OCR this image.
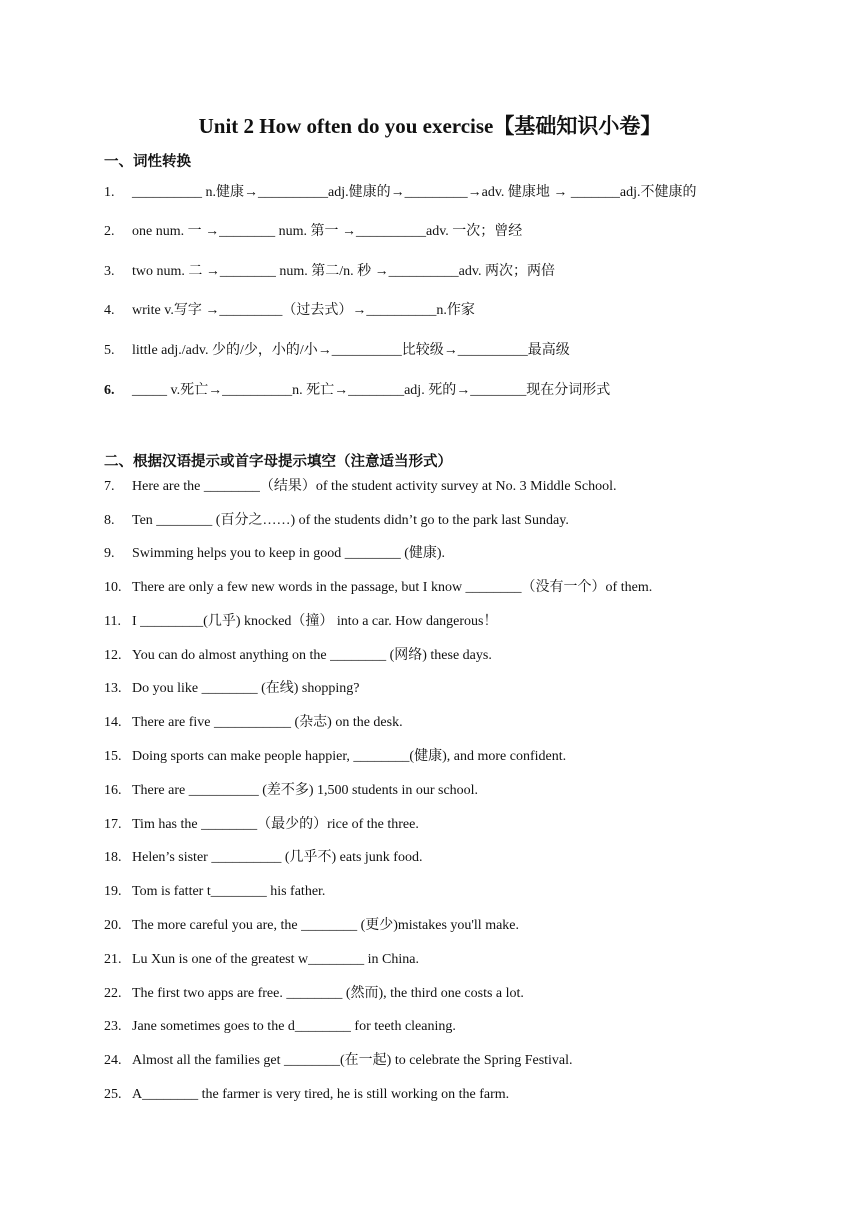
Unit 2 How often do you exercise【基础知识小卷】
一、词性转换
1. __________ n.健康→__________adj.健康的→_________→adv. 健康地 → _______adj.不健康的
2. one num. 一 →________ num. 第一 →__________adv. 一次；曾经
3. two num. 二 →________ num. 第二/n. 秒 →__________adv. 两次；两倍
4. write v.写字 →_________（过去式）→__________n.作家
5. little adj./adv. 少的/少，小的/小→__________比较级→__________最高级
6. _____ v.死亡→__________n. 死亡→________adj. 死的→________现在分词形式
二、根据汉语提示或首字母提示填空（注意适当形式）
7. Here are the ________（结果）of the student activity survey at No. 3 Middle School.
8. Ten ________ (百分之……) of the students didn’t go to the park last Sunday.
9. Swimming helps you to keep in good ________ (健康).
10. There are only a few new words in the passage, but I know ________（没有一个）of them.
11. I _________(几乎) knocked（撞） into a car. How dangerous！
12. You can do almost anything on the ________ (网络) these days.
13. Do you like ________ (在线) shopping?
14. There are five ___________ (杂志) on the desk.
15. Doing sports can make people happier, ________(健康), and more confident.
16. There are __________ (差不多) 1,500 students in our school.
17. Tim has the ________（最少的）rice of the three.
18. Helen’s sister __________ (几乎不) eats junk food.
19. Tom is fatter t________ his father.
20. The more careful you are, the ________ (更少)mistakes you'll make.
21. Lu Xun is one of the greatest w________ in China.
22. The first two apps are free. ________ (然而), the third one costs a lot.
23. Jane sometimes goes to the d________ for teeth cleaning.
24. Almost all the families get ________(在一起) to celebrate the Spring Festival.
25. A________ the farmer is very tired, he is still working on the farm.
